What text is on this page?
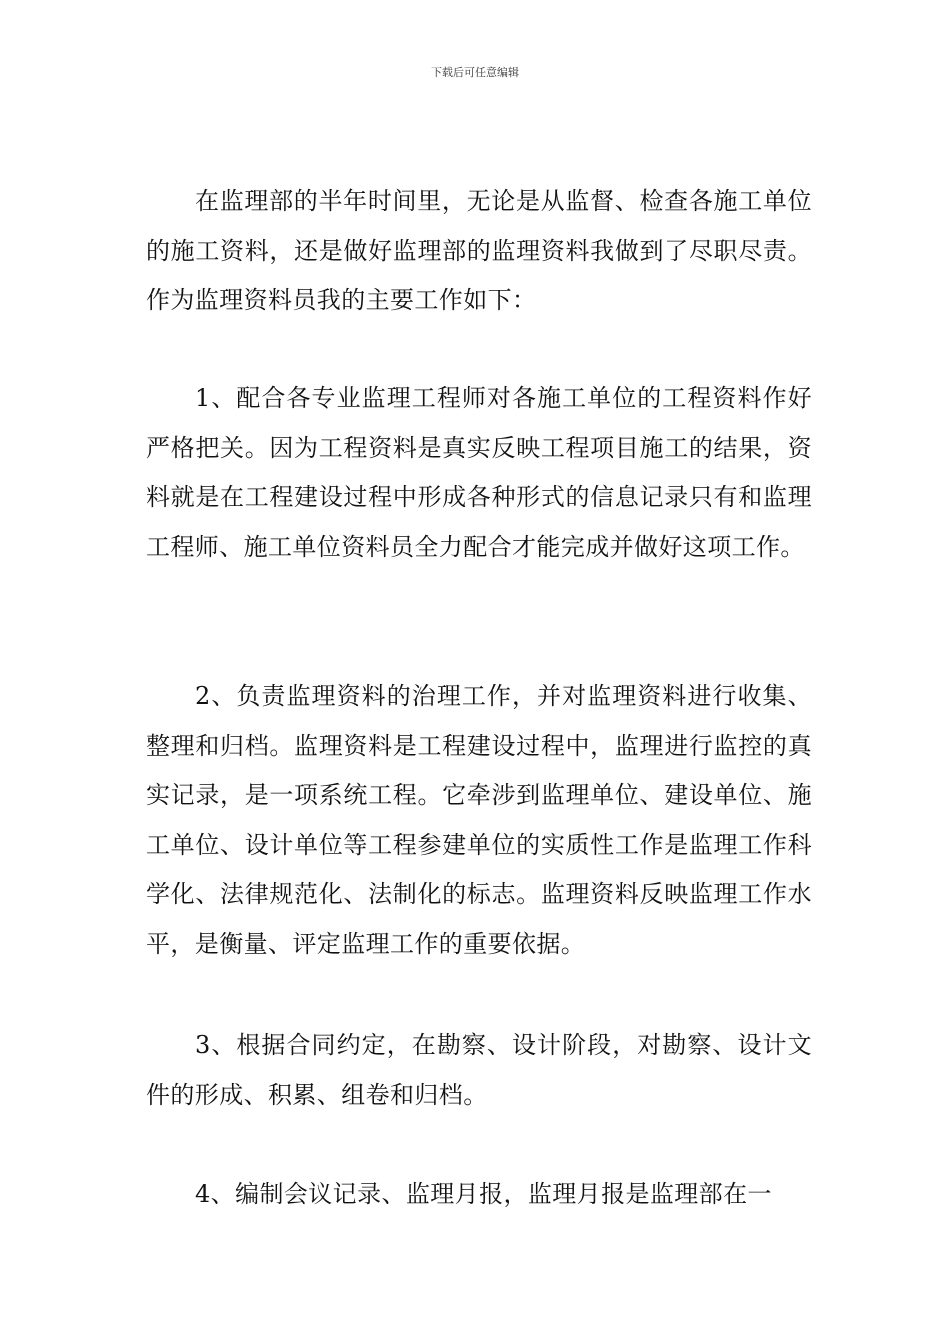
下载后可任意编辑

在监理部的半年时间里，无论是从监督、检查各施工单位的施工资料，还是做好监理部的监理资料我做到了尽职尽责。作为监理资料员我的主要工作如下：

1、配合各专业监理工程师对各施工单位的工程资料作好严格把关。因为工程资料是真实反映工程项目施工的结果，资料就是在工程建设过程中形成各种形式的信息记录只有和监理工程师、施工单位资料员全力配合才能完成并做好这项工作。

2、负责监理资料的治理工作，并对监理资料进行收集、整理和归档。监理资料是工程建设过程中，监理进行监控的真实记录，是一项系统工程。它牵涉到监理单位、建设单位、施工单位、设计单位等工程参建单位的实质性工作是监理工作科学化、法律规范化、法制化的标志。监理资料反映监理工作水平，是衡量、评定监理工作的重要依据。

3、根据合同约定，在勘察、设计阶段，对勘察、设计文件的形成、积累、组卷和归档。

4、编制会议记录、监理月报，监理月报是监理部在一
